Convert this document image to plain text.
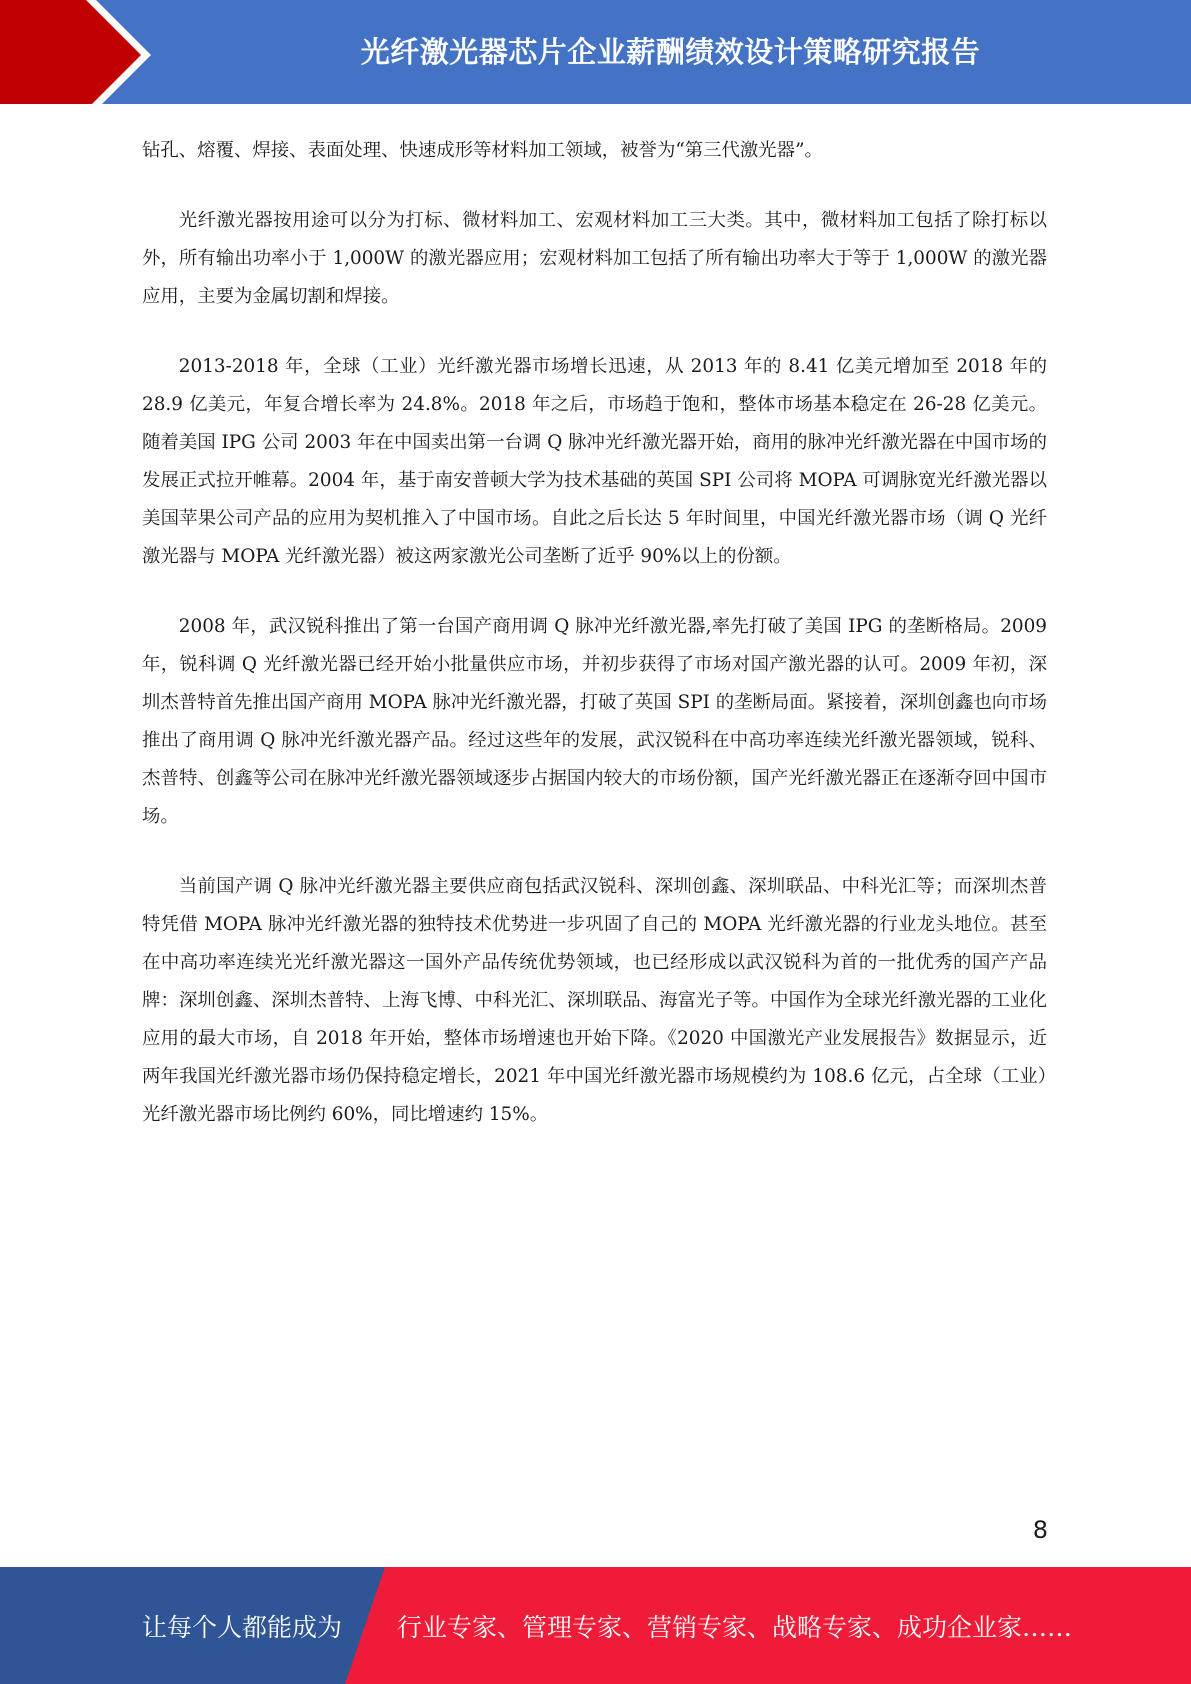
光纤激光器芯片企业薪酬绩效设计策略研究报告

钻孔、熔覆、焊接、表面处理、快速成形等材料加工领域，被誉为“第三代激光器”。

光纤激光器按用途可以分为打标、微材料加工、宏观材料加工三大类。其中，微材料加工包括了除打标以外，所有输出功率小于 1,000W 的激光器应用；宏观材料加工包括了所有输出功率大于等于 1,000W 的激光器应用，主要为金属切割和焊接。

2013-2018 年，全球（工业）光纤激光器市场增长迅速，从 2013 年的 8.41 亿美元增加至 2018 年的 28.9 亿美元，年复合增长率为 24.8%。2018 年之后，市场趋于饱和，整体市场基本稳定在 26-28 亿美元。随着美国 IPG 公司 2003 年在中国卖出第一台调 Q 脉冲光纤激光器开始，商用的脉冲光纤激光器在中国市场的发展正式拉开帷幕。2004 年，基于南安普顿大学为技术基础的英国 SPI 公司将 MOPA 可调脉宽光纤激光器以美国苹果公司产品的应用为契机推入了中国市场。自此之后长达 5 年时间里，中国光纤激光器市场（调 Q 光纤激光器与 MOPA 光纤激光器）被这两家激光公司垄断了近乎 90%以上的份额。

2008 年，武汉锐科推出了第一台国产商用调 Q 脉冲光纤激光器,率先打破了美国 IPG 的垄断格局。2009 年，锐科调 Q 光纤激光器已经开始小批量供应市场，并初步获得了市场对国产激光器的认可。2009 年初，深圳杰普特首先推出国产商用 MOPA 脉冲光纤激光器，打破了英国 SPI 的垄断局面。紧接着，深圳创鑫也向市场推出了商用调 Q 脉冲光纤激光器产品。经过这些年的发展，武汉锐科在中高功率连续光纤激光器领域，锐科、杰普特、创鑫等公司在脉冲光纤激光器领域逐步占据国内较大的市场份额，国产光纤激光器正在逐渐夺回中国市场。

当前国产调 Q 脉冲光纤激光器主要供应商包括武汉锐科、深圳创鑫、深圳联品、中科光汇等；而深圳杰普特凭借 MOPA 脉冲光纤激光器的独特技术优势进一步巩固了自己的 MOPA 光纤激光器的行业龙头地位。甚至在中高功率连续光光纤激光器这一国外产品传统优势领域，也已经形成以武汉锐科为首的一批优秀的国产产品牌：深圳创鑫、深圳杰普特、上海飞博、中科光汇、深圳联品、海富光子等。中国作为全球光纤激光器的工业化应用的最大市场，自 2018 年开始，整体市场增速也开始下降。《2020 中国激光产业发展报告》数据显示，近两年我国光纤激光器市场仍保持稳定增长，2021 年中国光纤激光器市场规模约为 108.6 亿元，占全球（工业）光纤激光器市场比例约 60%，同比增速约 15%。

8
让每个人都能成为 行业专家、管理专家、营销专家、战略专家、成功企业家……
